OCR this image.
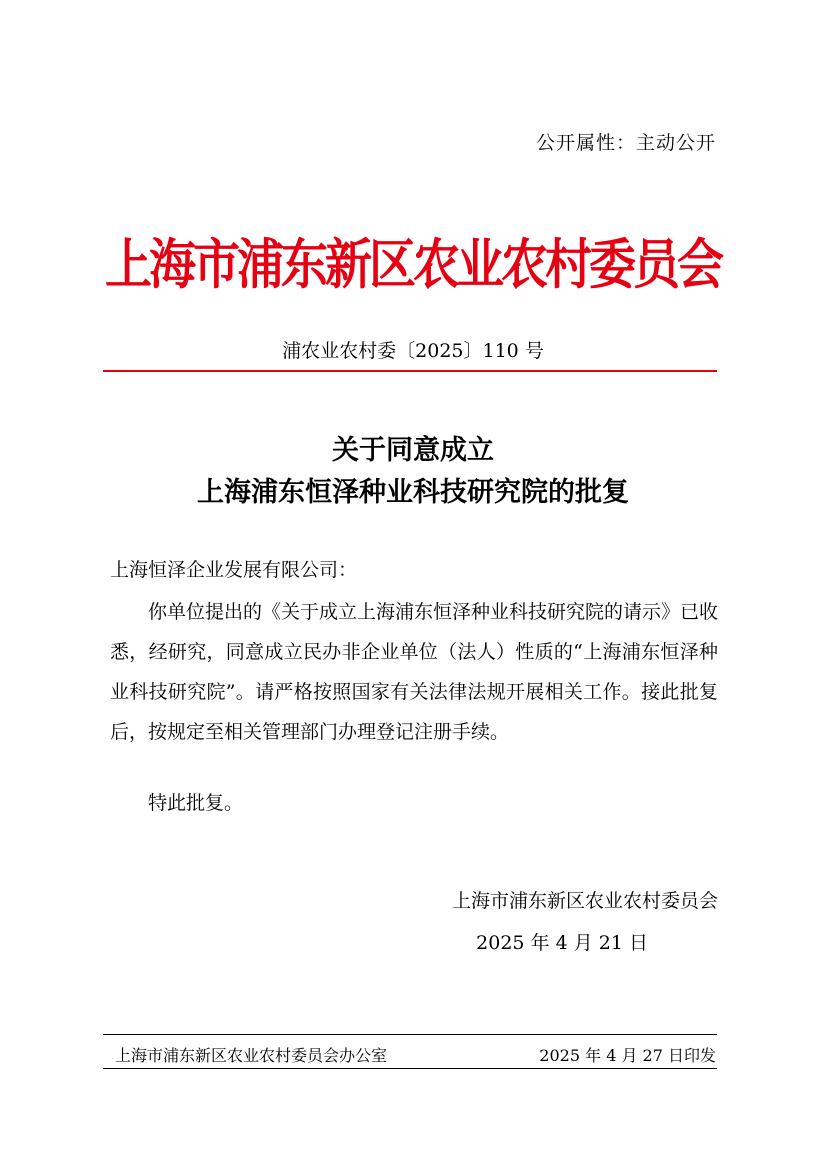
公开属性：主动公开
上海市浦东新区农业农村委员会
浦农业农村委〔2025〕110 号
关于同意成立
上海浦东恒泽种业科技研究院的批复
上海恒泽企业发展有限公司：
你单位提出的《关于成立上海浦东恒泽种业科技研究院的请示》已收悉，经研究，同意成立民办非企业单位（法人）性质的“上海浦东恒泽种业科技研究院”。请严格按照国家有关法律法规开展相关工作。接此批复后，按规定至相关管理部门办理登记注册手续。
特此批复。
上海市浦东新区农业农村委员会
2025 年 4 月 21 日
上海市浦东新区农业农村委员会办公室	2025 年 4 月 27 日印发
